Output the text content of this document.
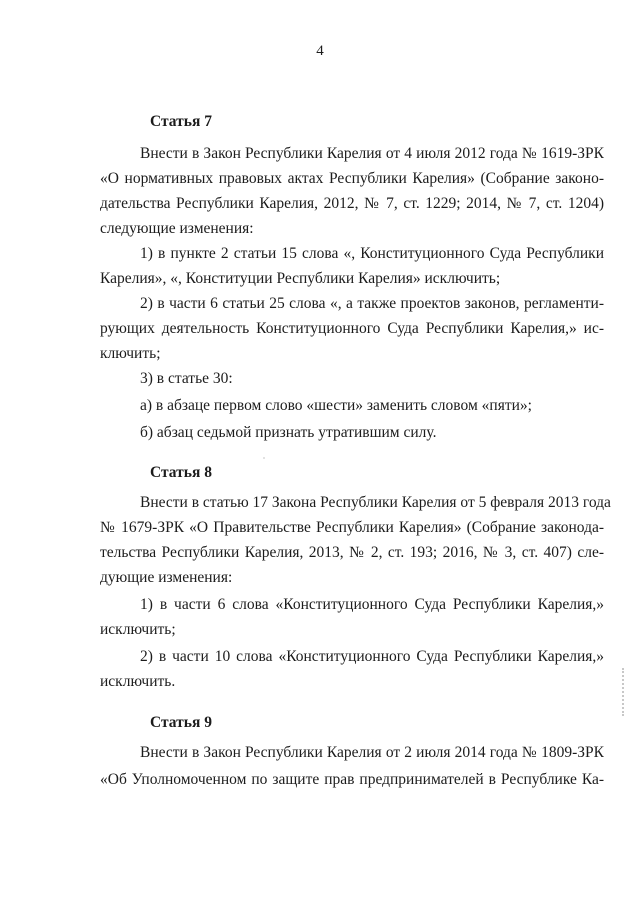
4
Статья 7
Внести в Закон Республики Карелия от 4 июля 2012 года № 1619-ЗРК
«О нормативных правовых актах Республики Карелия» (Собрание законо-
дательства Республики Карелия, 2012, № 7, ст. 1229; 2014, № 7, ст. 1204)
следующие изменения:
1) в пункте 2 статьи 15 слова «, Конституционного Суда Республики
Карелия», «, Конституции Республики Карелия» исключить;
2) в части 6 статьи 25 слова «, а также проектов законов, регламенти-
рующих деятельность Конституционного Суда Республики Карелия,» ис-
ключить;
3) в статье 30:
а) в абзаце первом слово «шести» заменить словом «пяти»;
б) абзац седьмой признать утратившим силу.
Статья 8
Внести в статью 17 Закона Республики Карелия от 5 февраля 2013 года
№ 1679-ЗРК «О Правительстве Республики Карелия» (Собрание законода-
тельства Республики Карелия, 2013, № 2, ст. 193; 2016, № 3, ст. 407) сле-
дующие изменения:
1) в части 6 слова «Конституционного Суда Республики Карелия,»
исключить;
2) в части 10 слова «Конституционного Суда Республики Карелия,»
исключить.
Статья 9
Внести в Закон Республики Карелия от 2 июля 2014 года № 1809-ЗРК
«Об Уполномоченном по защите прав предпринимателей в Республике Ка-
